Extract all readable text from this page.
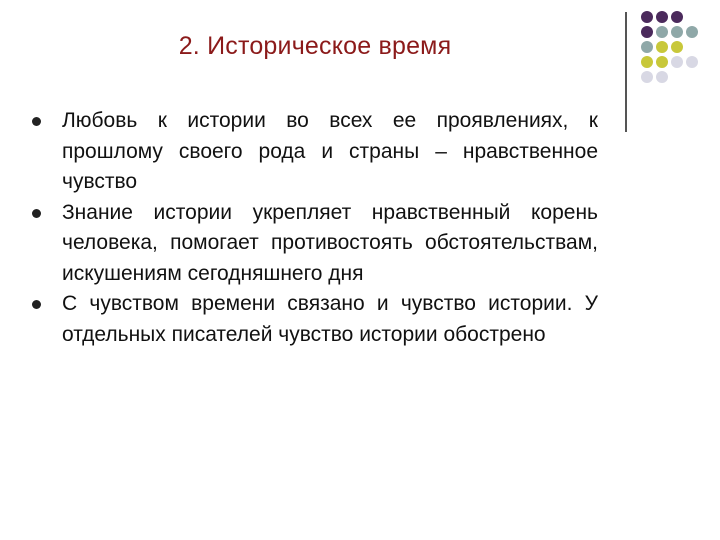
2. Историческое время
Любовь к истории во всех ее проявлениях, к прошлому своего рода и страны – нравственное чувство
Знание истории укрепляет нравственный корень человека, помогает противостоять обстоятельствам, искушениям сегодняшнего дня
С чувством времени связано и чувство истории. У отдельных писателей чувство истории обострено
